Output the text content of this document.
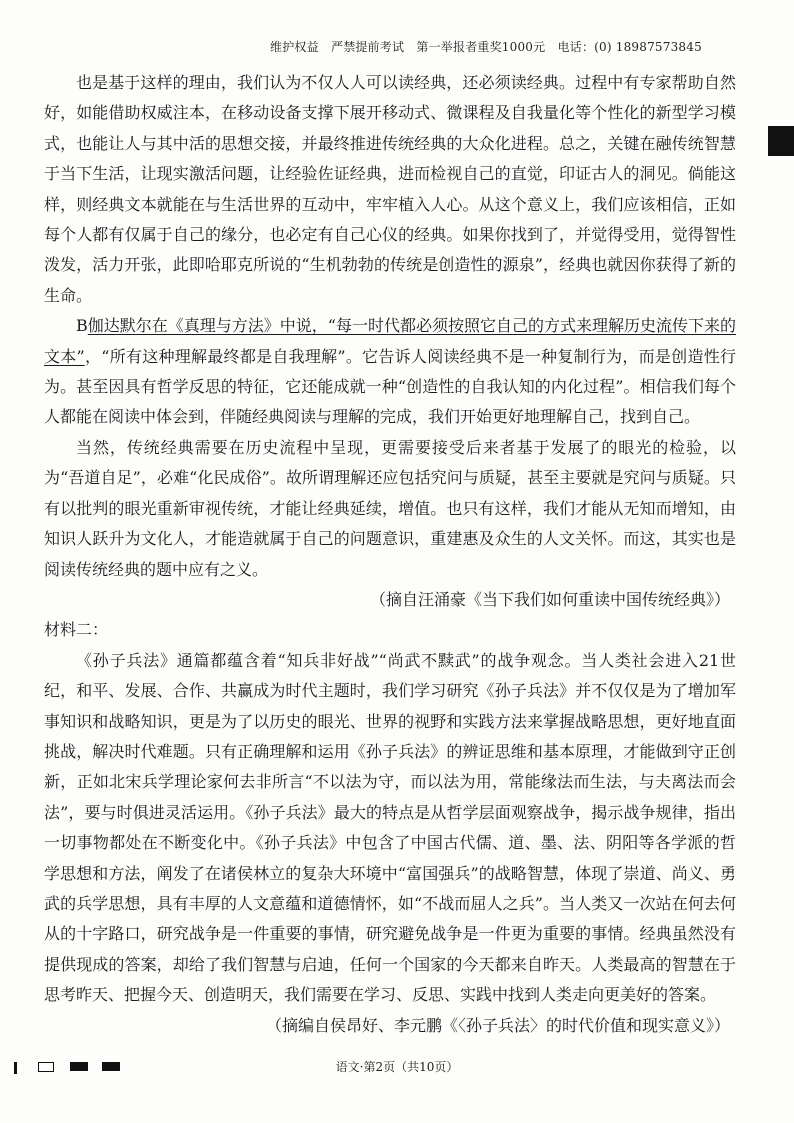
维护权益　严禁提前考试　第一举报者重奖1000元　电话：(0) 18987573845

也是基于这样的理由，我们认为不仅人人可以读经典，还必须读经典。过程中有专家帮助自然好，如能借助权威注本，在移动设备支撑下展开移动式、微课程及自我量化等个性化的新型学习模式，也能让人与其中活的思想交接，并最终推进传统经典的大众化进程。总之，关键在融传统智慧于当下生活，让现实激活问题，让经验佐证经典，进而检视自己的直觉，印证古人的洞见。倘能这样，则经典文本就能在与生活世界的互动中，牢牢植入人心。从这个意义上，我们应该相信，正如每个人都有仅属于自己的缘分，也必定有自己心仪的经典。如果你找到了，并觉得受用，觉得智性泼发，活力开张，此即哈耶克所说的“生机勃勃的传统是创造性的源泉”，经典也就因你获得了新的生命。

B伽达默尔在《真理与方法》中说，“每一时代都必须按照它自己的方式来理解历史流传下来的文本”，“所有这种理解最终都是自我理解”。它告诉人阅读经典不是一种复制行为，而是创造性行为。甚至因具有哲学反思的特征，它还能成就一种“创造性的自我认知的内化过程”。相信我们每个人都能在阅读中体会到，伴随经典阅读与理解的完成，我们开始更好地理解自己，找到自己。

当然，传统经典需要在历史流程中呈现，更需要接受后来者基于发展了的眼光的检验，以为“吾道自足”，必难“化民成俗”。故所谓理解还应包括究问与质疑，甚至主要就是究问与质疑。只有以批判的眼光重新审视传统，才能让经典延续，增值。也只有这样，我们才能从无知而增知，由知识人跃升为文化人，才能造就属于自己的问题意识，重建惠及众生的人文关怀。而这，其实也是阅读传统经典的题中应有之义。

（摘自汪涌豪《当下我们如何重读中国传统经典》）

材料二：

《孙子兵法》通篇都蕴含着“知兵非好战”“尚武不黩武”的战争观念。当人类社会进入21世纪，和平、发展、合作、共赢成为时代主题时，我们学习研究《孙子兵法》并不仅仅是为了增加军事知识和战略知识，更是为了以历史的眼光、世界的视野和实践方法来掌握战略思想，更好地直面挑战，解决时代难题。只有正确理解和运用《孙子兵法》的辨证思维和基本原理，才能做到守正创新，正如北宋兵学理论家何去非所言“不以法为守，而以法为用，常能缘法而生法，与夫离法而会法”，要与时俱进灵活运用。《孙子兵法》最大的特点是从哲学层面观察战争，揭示战争规律，指出一切事物都处在不断变化中。《孙子兵法》中包含了中国古代儒、道、墨、法、阴阳等各学派的哲学思想和方法，阐发了在诸侯林立的复杂大环境中“富国强兵”的战略智慧，体现了崇道、尚义、勇武的兵学思想，具有丰厚的人文意蕴和道德情怀，如“不战而屈人之兵”。当人类又一次站在何去何从的十字路口，研究战争是一件重要的事情，研究避免战争是一件更为重要的事情。经典虽然没有提供现成的答案，却给了我们智慧与启迪，任何一个国家的今天都来自昨天。人类最高的智慧在于思考昨天、把握今天、创造明天，我们需要在学习、反思、实践中找到人类走向更美好的答案。

（摘编自侯昂好、李元鹏《〈孙子兵法〉的时代价值和现实意义》）

语文·第2页（共10页）
